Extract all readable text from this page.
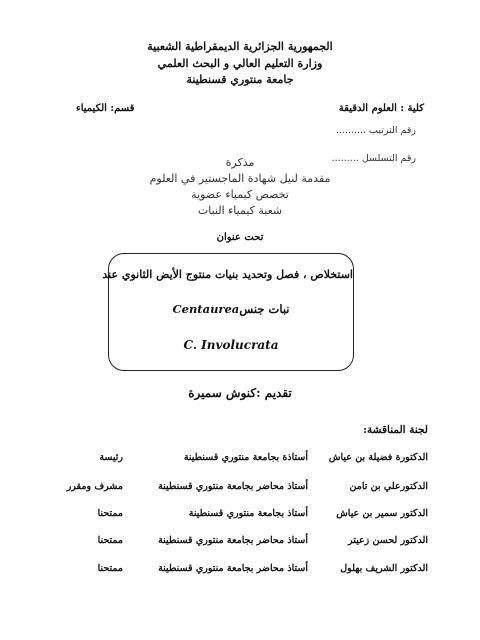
الجمهورية الجزائرية الديمقراطية الشعبية
وزارة التعليم العالي و البحث العلمي
جامعة منتوري قسنطينة
كلية : العلوم الدقيقة
قسم: الكيمياء
رقم الترتيب ..........
رقم التسلسل .........
مذكرة
مقدمة لنيل شهادة الماجستير في العلوم
تخصص كيمياء عضوية
شعبة كيمياء النبات
تحت عنوان
استخلاص ، فصل وتحديد بنيات منتوج الأيض الثانوي عند
Centaureaنبات جنس
C. Involucrata
تقديم :كنوش سميرة
لجنة المناقشة:
الدكتورة فضيلة بن عياش
أستاذة بجامعة منتوري قسنطينة
رئيسة
الدكتورعلي بن تامن
أستاذ محاضر بجامعة منتوري قسنطينة
مشرف ومقرر
الدكتور سمير بن عياش
أستاذ بجامعة منتوري قسنطينة
ممتحنا
الدكتور لحسن زعيتر
أستاذ محاضر بجامعة منتوري قسنطينة
ممتحنا
الدكتور الشريف بهلول
أستاذ محاضر بجامعة منتوري قسنطينة
ممتحنا
